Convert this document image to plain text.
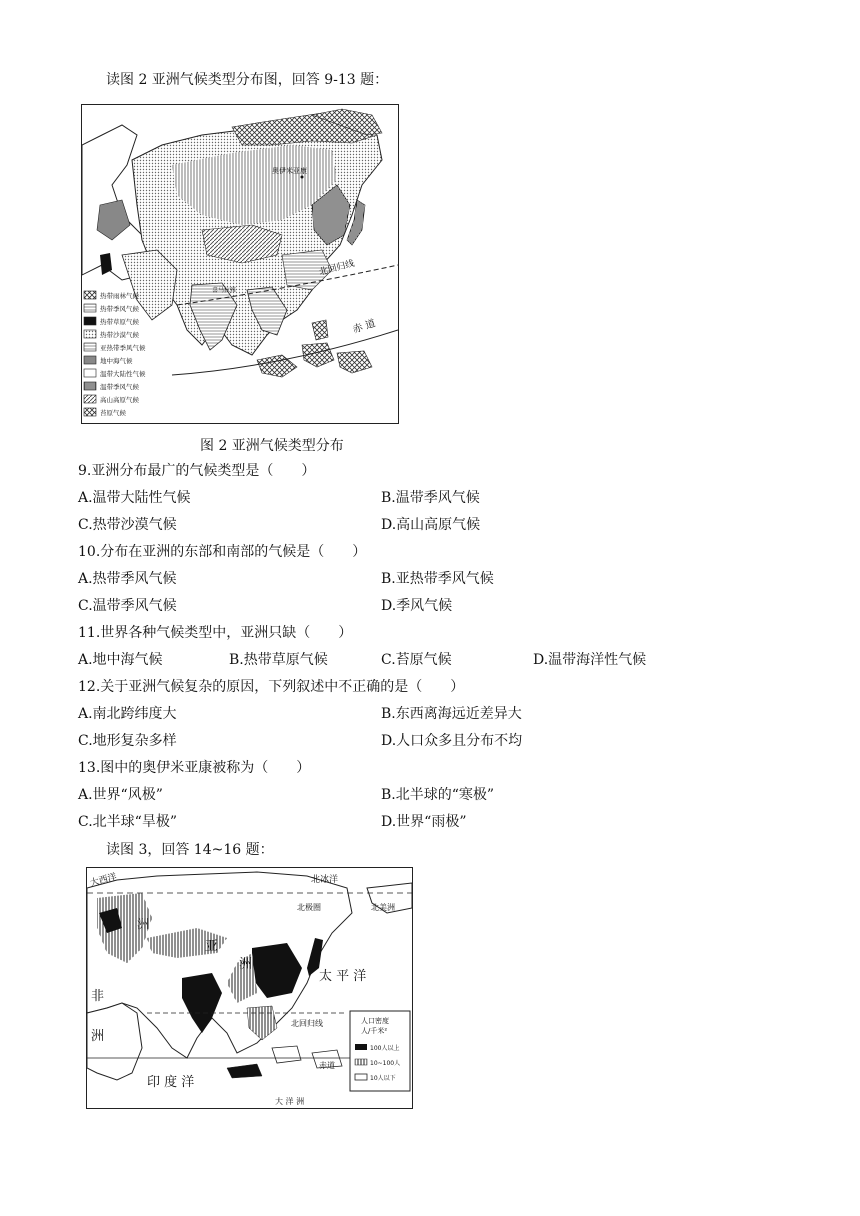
读图 2 亚洲气候类型分布图，回答 9-13 题：
奥伊米亚康
北回归线
赤 道
喜马拉雅
热带雨林气候
热带季风气候
热带草原气候
热带沙漠气候
亚热带季风气候
地中海气候
温带大陆性气候
温带季风气候
高山高原气候
苔原气候
图 2 亚洲气候类型分布
9.亚洲分布最广的气候类型是（　　）
A.温带大陆性气候	B.温带季风气候
C.热带沙漠气候	D.高山高原气候
10.分布在亚洲的东部和南部的气候是（　　）
A.热带季风气候	B.亚热带季风气候
C.温带季风气候	D.季风气候
11.世界各种气候类型中，亚洲只缺（　　）
A.地中海气候	B.热带草原气候	C.苔原气候	D.温带海洋性气候
12.关于亚洲气候复杂的原因，下列叙述中不正确的是（　　）
A.南北跨纬度大	B.东西离海远近差异大
C.地形复杂多样	D.人口众多且分布不均
13.图中的奥伊米亚康被称为（　　）
A.世界“风极”	B.北半球的“寒极”
C.北半球“旱极”	D.世界“雨极”
读图 3，回答 14~16 题：
北冰洋
大西洋
北极圈	北美洲
洲
亚
洲
太 平 洋
非
洲
北回归线
赤道
印 度 洋
大 洋 洲
人口密度
人/千米²
100人以上
10~100人
10人以下
